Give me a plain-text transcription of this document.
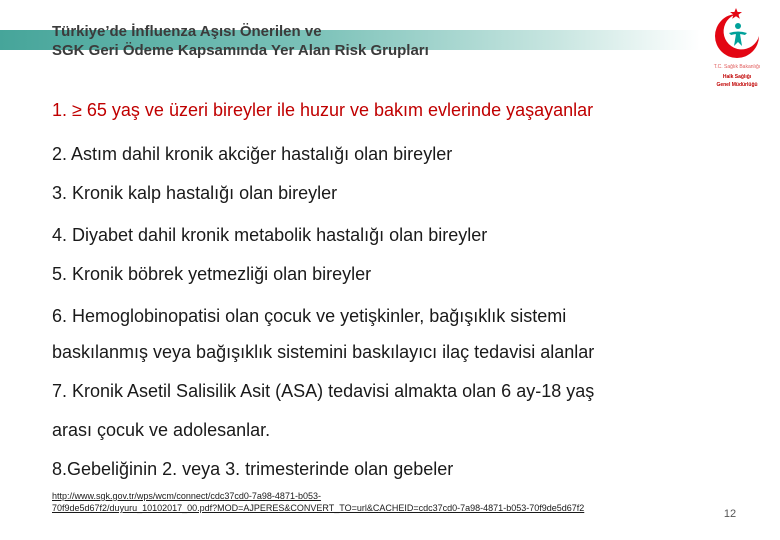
Türkiye’de İnfluenza Aşısı Önerilen ve
SGK Geri Ödeme Kapsamında Yer Alan Risk Grupları
T.C. Sağlık Bakanlığı
Halk Sağlığı
Genel Müdürlüğü
1. ≥ 65 yaş ve üzeri bireyler ile huzur ve bakım evlerinde yaşayanlar
2. Astım dahil kronik akciğer hastalığı olan bireyler
3. Kronik kalp hastalığı olan bireyler
4. Diyabet dahil kronik metabolik hastalığı olan bireyler
5. Kronik böbrek yetmezliği olan bireyler
6. Hemoglobinopatisi olan çocuk ve yetişkinler, bağışıklık sistemi
baskılanmış veya bağışıklık sistemini baskılayıcı ilaç tedavisi alanlar
7. Kronik Asetil Salisilik Asit (ASA) tedavisi almakta olan 6 ay-18 yaş
arası çocuk ve adolesanlar.
8.Gebeliğinin 2. veya 3. trimesterinde olan gebeler
http://www.sgk.gov.tr/wps/wcm/connect/cdc37cd0-7a98-4871-b053-
70f9de5d67f2/duyuru_10102017_00.pdf?MOD=AJPERES&CONVERT_TO=url&CACHEID=cdc37cd0-7a98-4871-b053-70f9de5d67f2	12
